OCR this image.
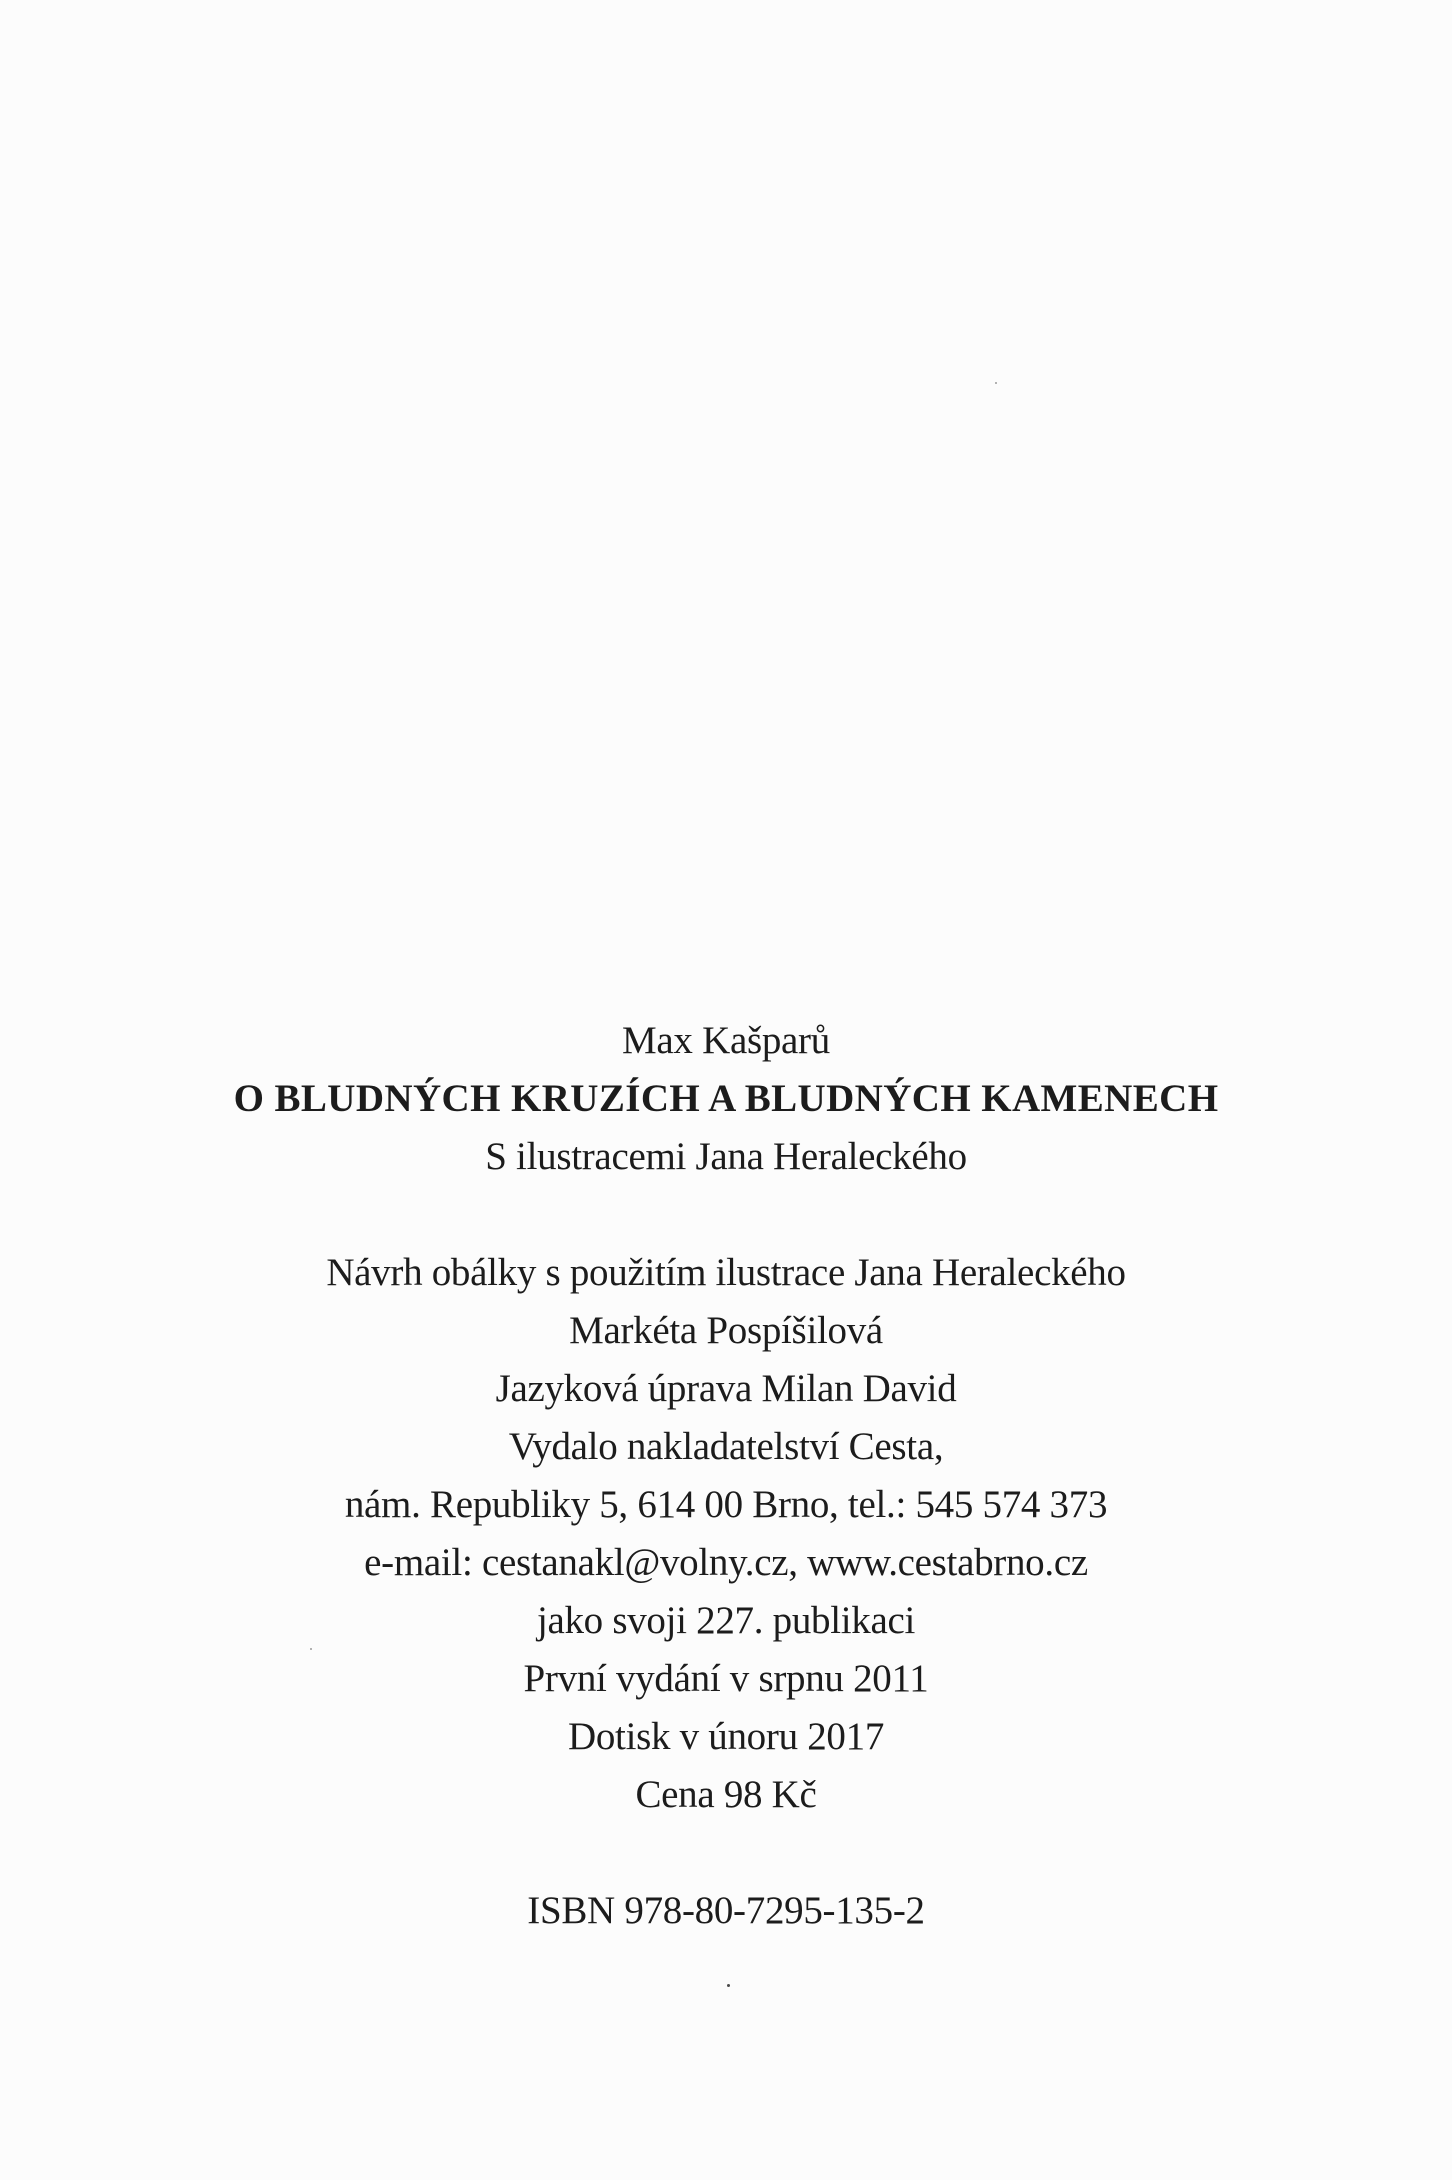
Max Kašparů

O BLUDNÝCH KRUZÍCH A BLUDNÝCH KAMENECH

S ilustracemi Jana Heraleckého

Návrh obálky s použitím ilustrace Jana Heraleckého

Markéta Pospíšilová

Jazyková úprava Milan David

Vydalo nakladatelství Cesta,

nám. Republiky 5, 614 00 Brno, tel.: 545 574 373

e-mail: cestanakl@volny.cz, www.cestabrno.cz

jako svoji 227. publikaci

První vydání v srpnu 2011

Dotisk v únoru 2017

Cena 98 Kč

ISBN 978-80-7295-135-2
